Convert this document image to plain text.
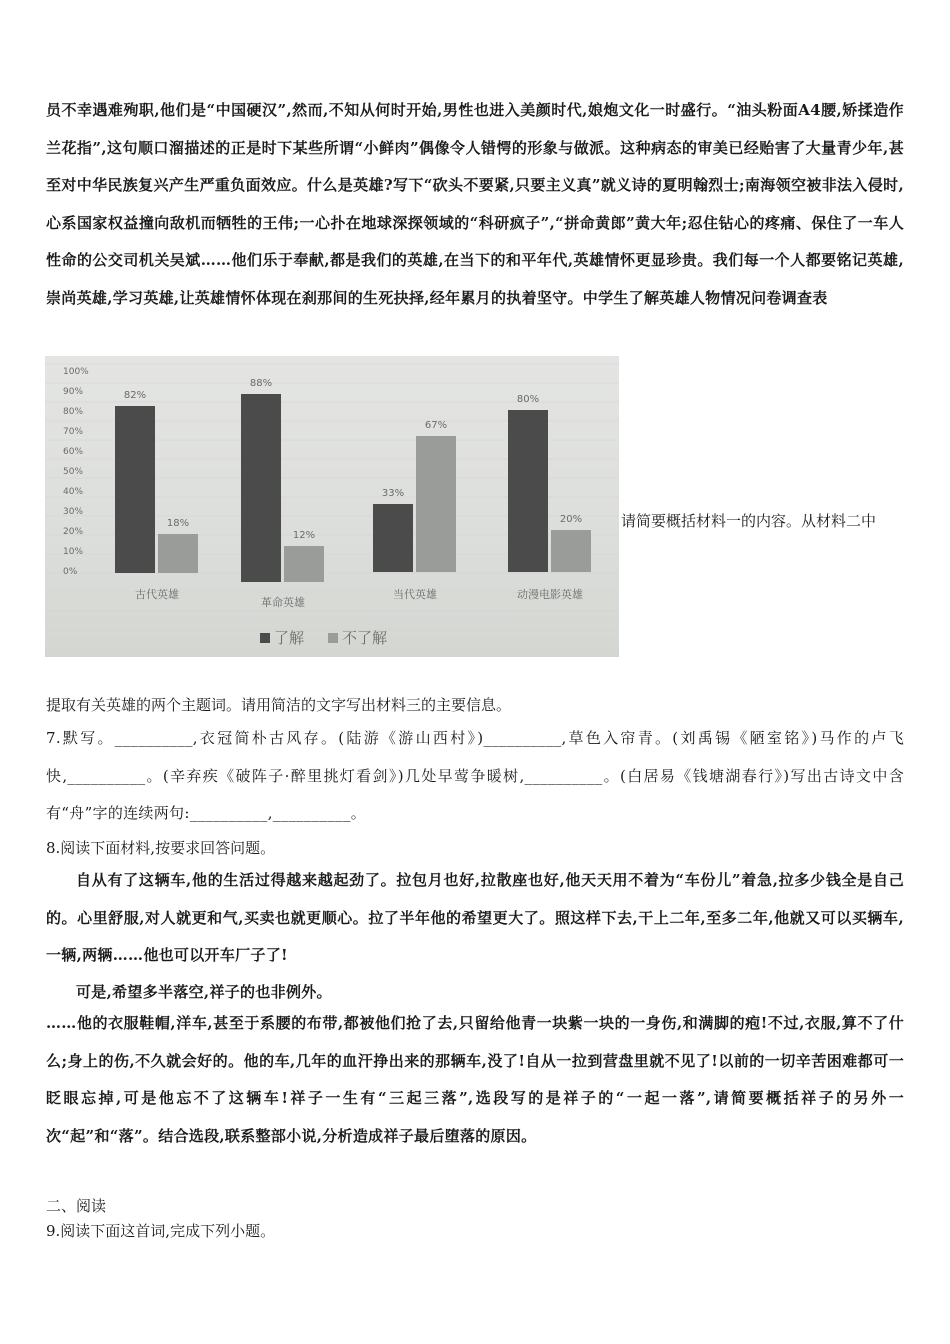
员不幸遇难殉职,他们是“中国硬汉”,然而,不知从何时开始,男性也进入美颜时代,娘炮文化一时盛行。“油头粉面A4腰,矫揉造作兰花指”,这句顺口溜描述的正是时下某些所谓“小鲜肉”偶像令人错愕的形象与做派。这种病态的审美已经贻害了大量青少年,甚至对中华民族复兴产生严重负面效应。什么是英雄?写下“砍头不要紧,只要主义真”就义诗的夏明翰烈士;南海领空被非法入侵时,心系国家权益撞向敌机而牺牲的王伟;一心扑在地球深探领域的“科研疯子”,“拼命黄郎”黄大年;忍住钻心的疼痛、保住了一车人性命的公交司机关吴斌……他们乐于奉献,都是我们的英雄,在当下的和平年代,英雄情怀更显珍贵。我们每一个人都要铭记英雄,崇尚英雄,学习英雄,让英雄情怀体现在刹那间的生死抉择,经年累月的执着坚守。中学生了解英雄人物情况问卷调查表
100%
90%
80%
70%
60%
50%
40%
30%
20%
10%
0%
82%
18%
古代英雄
88%
12%
革命英雄
33%
67%
当代英雄
80%
20%
动漫电影英雄
了解	不了解
请简要概括材料一的内容。从材料二中
提取有关英雄的两个主题词。请用简洁的文字写出材料三的主要信息。
7.默写。__________,衣冠简朴古风存。(陆游《游山西村》)__________,草色入帘青。(刘禹锡《陋室铭》)马作的卢飞快,__________。(辛弃疾《破阵子·醉里挑灯看剑》)几处早莺争暖树,__________。(白居易《钱塘湖春行》)写出古诗文中含有“舟”字的连续两句:__________,__________。
8.阅读下面材料,按要求回答问题。
自从有了这辆车,他的生活过得越来越起劲了。拉包月也好,拉散座也好,他天天用不着为“车份儿”着急,拉多少钱全是自己的。心里舒服,对人就更和气,买卖也就更顺心。拉了半年他的希望更大了。照这样下去,干上二年,至多二年,他就又可以买辆车,一辆,两辆……他也可以开车厂子了!
可是,希望多半落空,祥子的也非例外。
……他的衣服鞋帽,洋车,甚至于系腰的布带,都被他们抢了去,只留给他青一块紫一块的一身伤,和满脚的疱!不过,衣服,算不了什么;身上的伤,不久就会好的。他的车,几年的血汗挣出来的那辆车,没了!自从一拉到营盘里就不见了!以前的一切辛苦困难都可一眨眼忘掉,可是他忘不了这辆车!祥子一生有“三起三落”,选段写的是祥子的“一起一落”,请简要概括祥子的另外一次“起”和“落”。结合选段,联系整部小说,分析造成祥子最后堕落的原因。
二、阅读
9.阅读下面这首词,完成下列小题。
